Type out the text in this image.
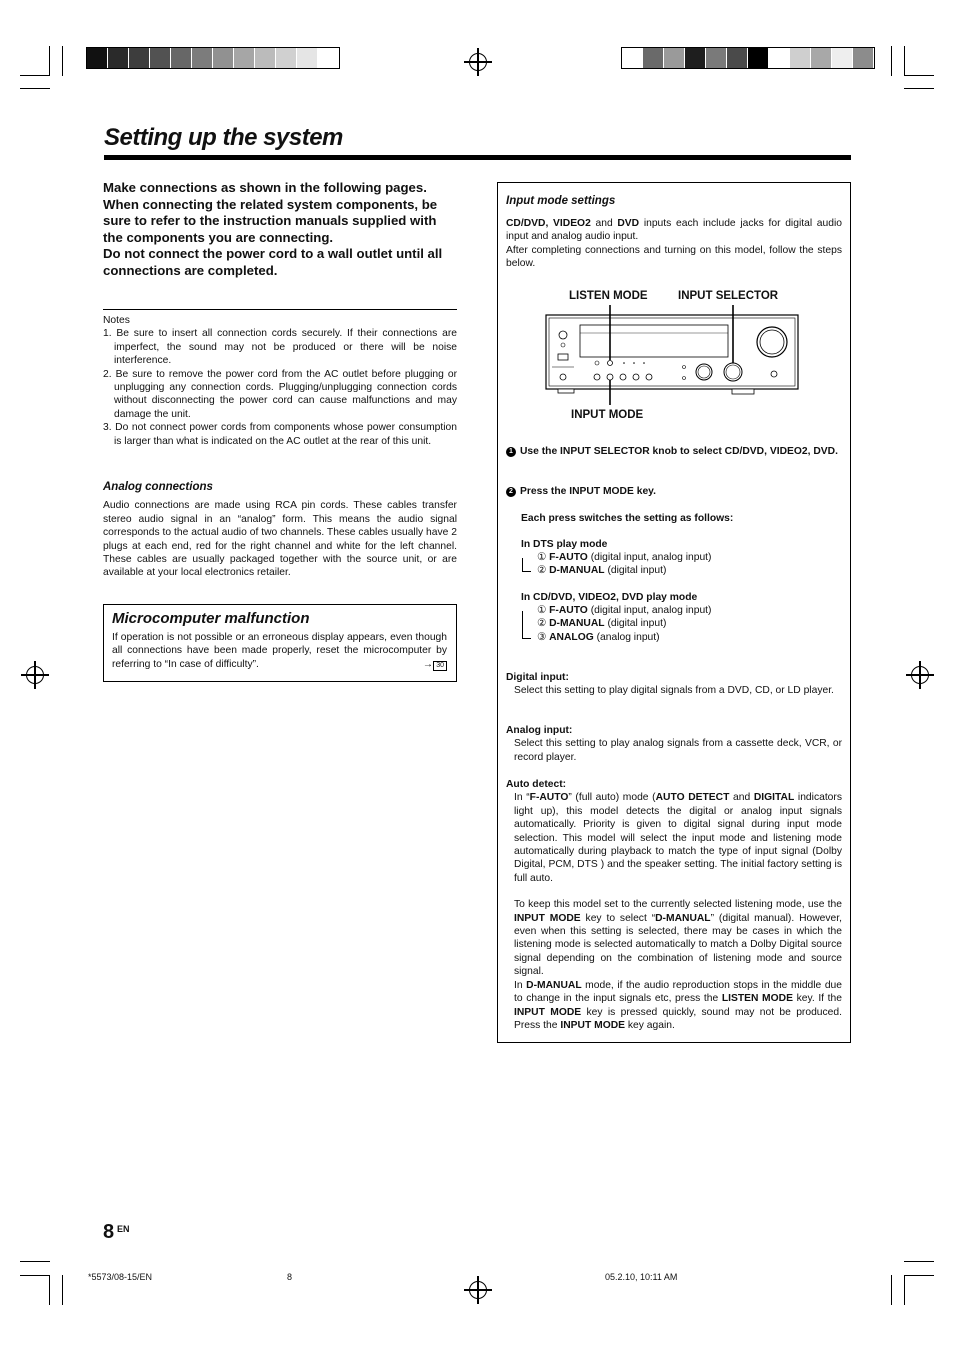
Setting up the system
Make connections as shown in the following pages.
When connecting the related system components, be
sure to refer to the instruction manuals supplied with
the components you are connecting.
Do not connect the power cord to a wall outlet until all
connections are completed.
Notes
1. Be sure to insert all connection cords securely. If their connections are imperfect, the sound may not be produced or there will be noise interference.
2. Be sure to remove the power cord from the AC outlet before plugging or unplugging any connection cords. Plugging/unplugging connection cords without disconnecting the power cord can cause malfunctions and may damage the unit.
3. Do not connect power cords from components whose power consumption is larger than what is indicated on the AC outlet at the rear of this unit.
Analog connections

Audio connections are made using RCA pin cords. These cables transfer stereo audio signal in an “analog” form. This means the audio signal corresponds to the actual audio of two channels. These cables usually have 2 plugs at each end, red for the right channel and white for the left channel. These cables are usually packaged together with the source unit, or are available at your local electronics retailer.

Microcomputer malfunction
If operation is not possible or an erroneous display appears, even though all connections have been made properly, reset the microcomputer by referring to “In case of difficulty”.	→ 30
Input mode settings

CD/DVD, VIDEO2 and DVD inputs each include jacks for digital audio input and analog audio input.

After completing connections and turning on this model, follow the steps below.

LISTEN MODE	INPUT SELECTOR
INPUT MODE
1 Use the INPUT SELECTOR knob to select CD/DVD, VIDEO2, DVD.
2 Press the INPUT MODE key.
Each press switches the setting as follows:
In DTS play mode
① F-AUTO (digital input, analog input)
② D-MANUAL (digital input)
In CD/DVD, VIDEO2, DVD play mode
① F-AUTO (digital input, analog input)
② D-MANUAL (digital input)
③ ANALOG (analog input)

Digital input:

Select this setting to play digital signals from a DVD, CD, or LD player.

Analog input:

Select this setting to play analog signals from a cassette deck, VCR, or record player.

Auto detect:

In “F-AUTO” (full auto) mode (AUTO DETECT and DIGITAL indicators light up), this model detects the digital or analog input signals automatically. Priority is given to digital signal during input mode selection. This model will select the input mode and listening mode automatically during playback to match the type of input signal (Dolby Digital, PCM, DTS ) and the speaker setting. The initial factory setting is full auto.

To keep this model set to the currently selected listening mode, use the INPUT MODE key to select “D-MANUAL” (digital manual). However, even when this setting is selected, there may be cases in which the listening mode is selected automatically to match a Dolby Digital source signal depending on the combination of listening mode and source signal.

In D-MANUAL mode, if the audio reproduction stops in the middle due to change in the input signals etc, press the LISTEN MODE key. If the INPUT MODE key is pressed quickly, sound may not be produced. Press the INPUT MODE key again.

8 EN
*5573/08-15/EN	8	05.2.10, 10:11 AM
